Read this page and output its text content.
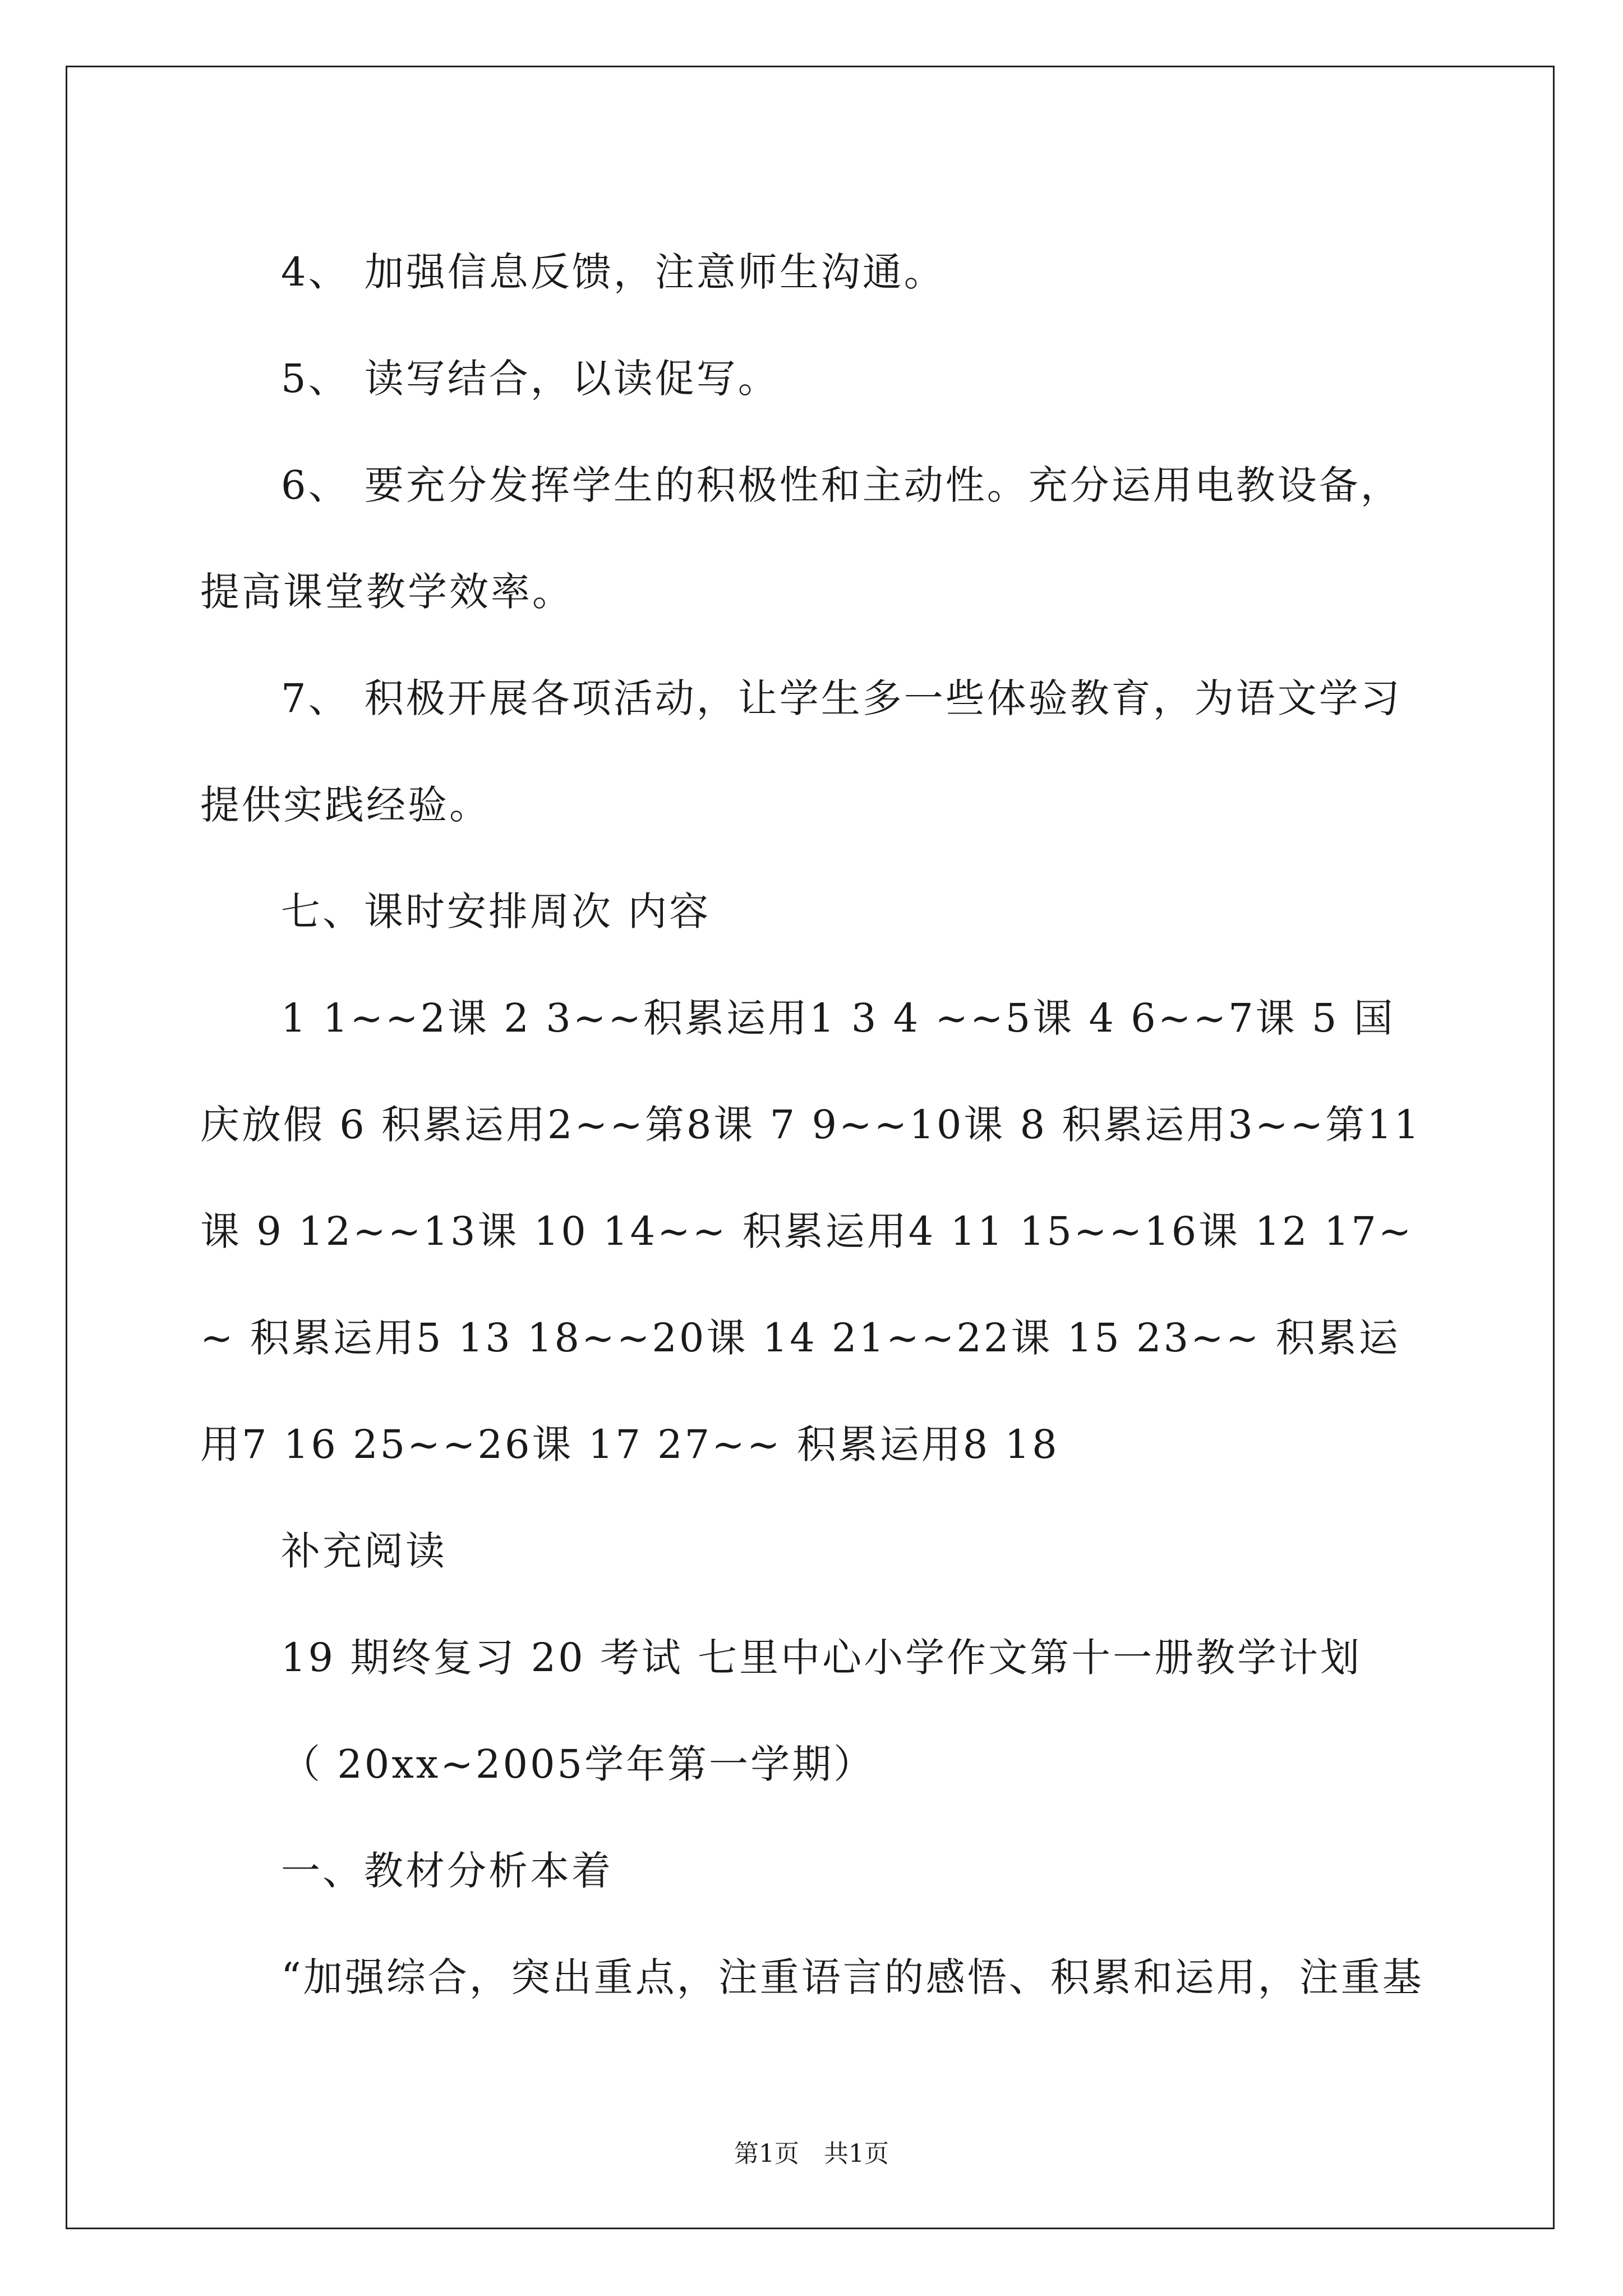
4、 加强信息反馈，注意师生沟通。

5、 读写结合，以读促写。

6、 要充分发挥学生的积极性和主动性。充分运用电教设备，提高课堂教学效率。

7、 积极开展各项活动，让学生多一些体验教育，为语文学习提供实践经验。

七、课时安排周次 内容

1 1~~2课 2 3~~积累运用1 3 4 ~~5课 4 6~~7课 5 国庆放假 6 积累运用2~~第8课 7 9~~10课 8 积累运用3~~第11课 9 12~~13课 10 14~~ 积累运用4 11 15~~16课 12 17~~ 积累运用5 13 18~~20课 14 21~~22课 15 23~~ 积累运用7 16 25~~26课 17 27~~ 积累运用8 18

补充阅读

19 期终复习 20 考试 七里中心小学作文第十一册教学计划

（ 20xx~2005学年第一学期）

一、教材分析本着

“加强综合，突出重点，注重语言的感悟、积累和运用，注重基

第1页　共1页
